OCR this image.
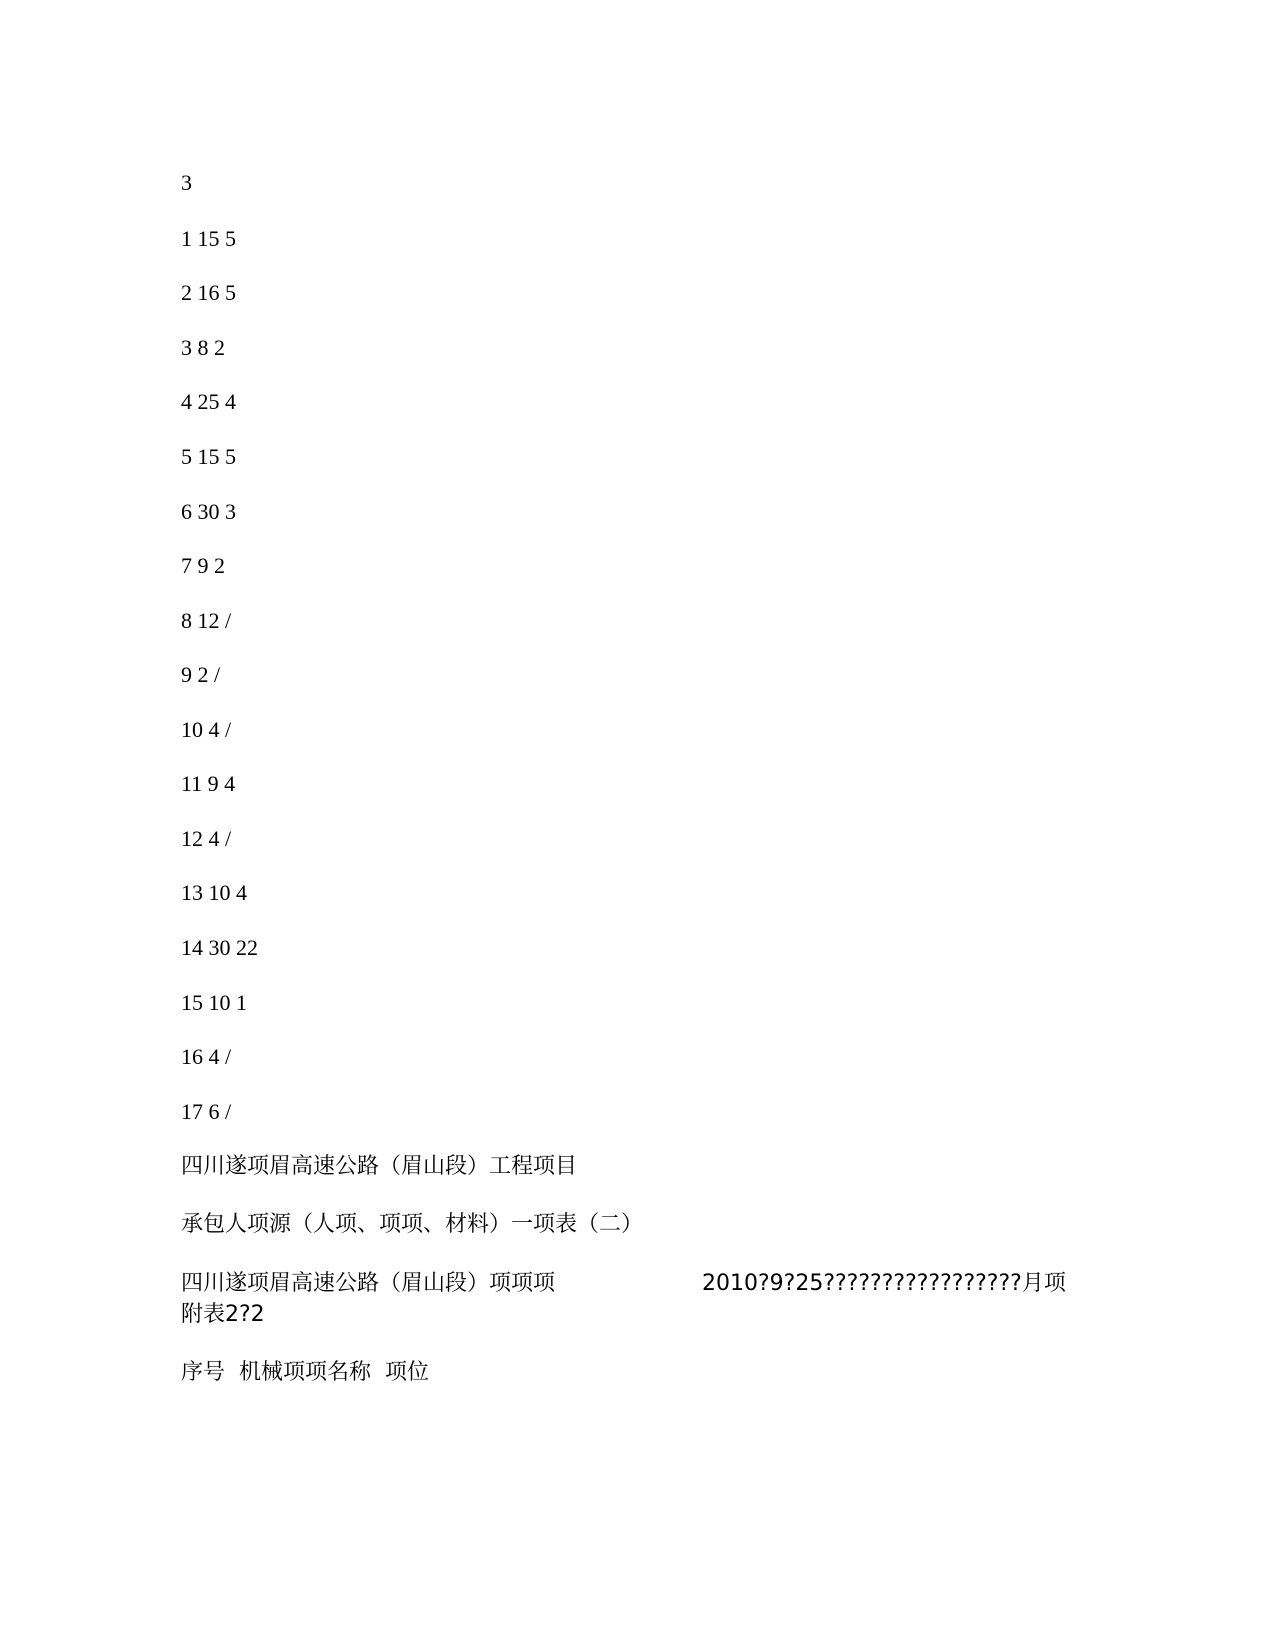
3
1 15 5
2 16 5
3 8 2
4 25 4
5 15 5
6 30 3
7 9 2
8 12 /
9 2 /
10 4 /
11 9 4
12 4 /
13 10 4
14 30 22
15 10 1
16 4 /
17 6 /
四川遂项眉高速公路（眉山段）工程项目
承包人项源（人项、项项、材料）一项表（二）
四川遂项眉高速公路（眉山段）项项项	2010?9?25?????????????????月项
附表2?2
序号  机械项项名称  项位
